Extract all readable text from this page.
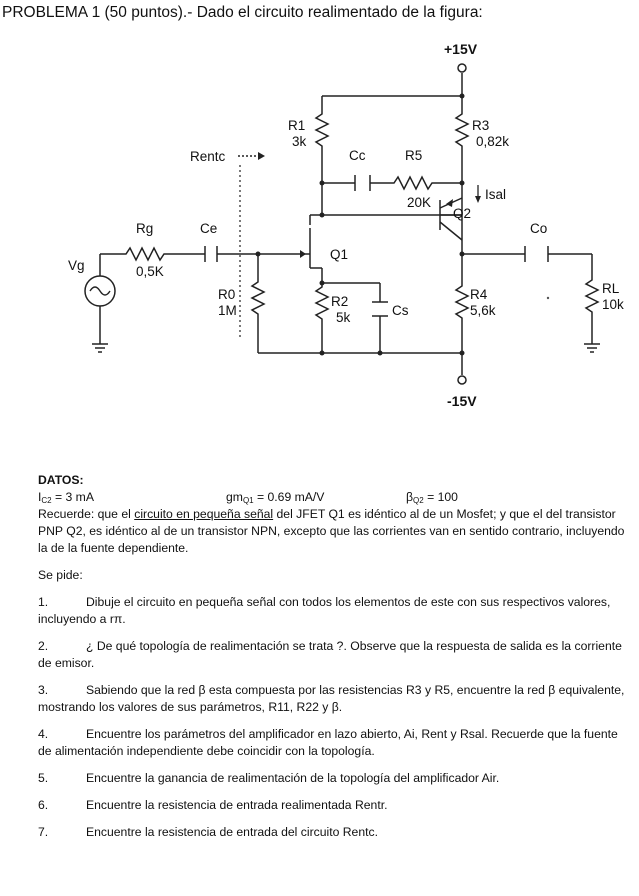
PROBLEMA 1 (50 puntos).- Dado el circuito realimentado de la figura:
+15V
-15V
R1
3k
R3
0,82k
Cc	R5
20K
Isal
Q2
Q1
Rentc
Rg
0,5K
Ce
Vg
R0
1M
R2
5k	Cs
R4
5,6k
Co
RL
10k
DATOS:
$I_{C2} = 3$ mA	$gm_{Q1} = 0.69$ mA/V	$\beta_{Q2} = 100$

Recuerde: que el circuito en pequeña señal del JFET Q1 es idéntico al de un Mosfet; y que el del transistor PNP Q2, es idéntico al de un transistor NPN, excepto que las corrientes van en sentido contrario, incluyendo la de la fuente dependiente.

Se pide:

1.	Dibuje el circuito en pequeña señal con todos los elementos de este con sus respectivos valores, incluyendo a rπ.

2.	¿ De qué topología de realimentación se trata ?. Observe que la respuesta de salida es la corriente de emisor.

3.	Sabiendo que la red β esta compuesta por las resistencias R3 y R5, encuentre la red β equivalente, mostrando los valores de sus parámetros, R11, R22 y β.

4.	Encuentre los parámetros del amplificador en lazo abierto, Ai, Rent y Rsal. Recuerde que la fuente de alimentación independiente debe coincidir con la topología.

5.	Encuentre la ganancia de realimentación de la topología del amplificador Air.

6.	Encuentre la resistencia de entrada realimentada Rentr.

7.	Encuentre la resistencia de entrada del circuito Rentc.
